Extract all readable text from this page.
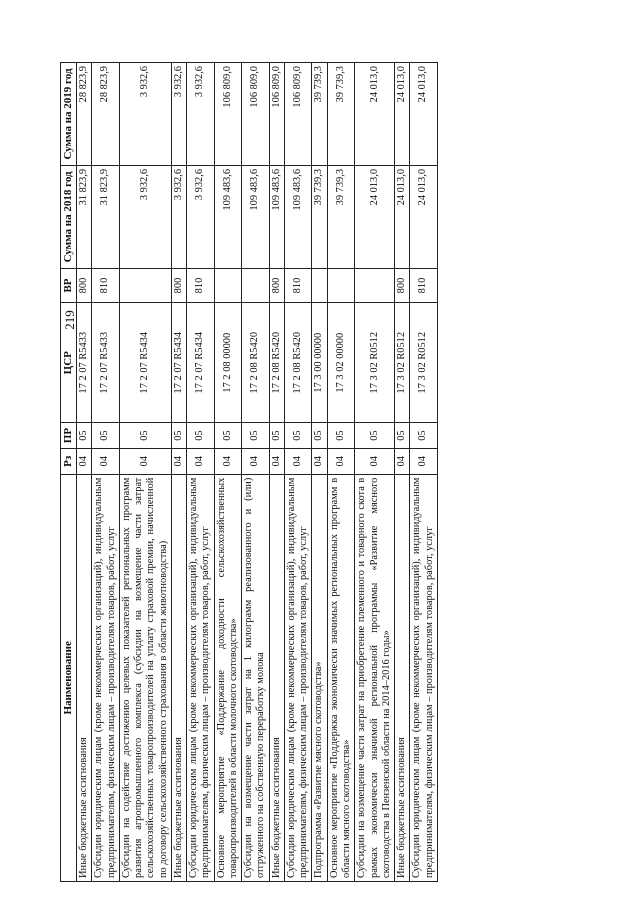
219
Наименование	Рз	ПР	ЦСР	ВР	Сумма на 2018 год	Сумма на 2019 год
Иные бюджетные ассигнования	04	05	17 2 07 R5433	800	31 823,9	28 823,9
Субсидии юридическим лицам (кроме некоммерческих организаций), индивидуальным предпринимателям, физическим лицам – производителям товаров, работ, услуг	04	05	17 2 07 R5433	810	31 823,9	28 823,9
Субсидии на содействие достижению целевых показателей региональных программ развития агропромышленного комплекса (субсидии на возмещение части затрат сельскохозяйственных товаропроизводителей на уплату страховой премии, начисленной по договору сельскохозяйственного страхования в области животноводства)	04	05	17 2 07 R5434		3 932,6	3 932,6
Иные бюджетные ассигнования	04	05	17 2 07 R5434	800	3 932,6	3 932,6
Субсидии юридическим лицам (кроме некоммерческих организаций), индивидуальным предпринимателям, физическим лицам – производителям товаров, работ, услуг	04	05	17 2 07 R5434	810	3 932,6	3 932,6
Основное мероприятие «Поддержание доходности сельскохозяйственных товаропроизводителей в области молочного скотоводства»	04	05	17 2 08 00000		109 483,6	106 809,0
Субсидии на возмещение части затрат на 1 килограмм реализованного и (или) отгруженного на собственную переработку молока	04	05	17 2 08 R5420		109 483,6	106 809,0
Иные бюджетные ассигнования	04	05	17 2 08 R5420	800	109 483,6	106 809,0
Субсидии юридическим лицам (кроме некоммерческих организаций), индивидуальным предпринимателям, физическим лицам – производителям товаров, работ, услуг	04	05	17 2 08 R5420	810	109 483,6	106 809,0
Подпрограмма «Развитие мясного скотоводства»	04	05	17 3 00 00000		39 739,3	39 739,3
Основное мероприятие «Поддержка экономически значимых региональных программ в области мясного скотоводства»	04	05	17 3 02 00000		39 739,3	39 739,3
Субсидии на возмещение части затрат на приобретение племенного и товарного скота в рамках экономически значимой региональной программы «Развитие мясного скотоводства в Пензенской области на 2014–2016 годы»	04	05	17 3 02 R0512		24 013,0	24 013,0
Иные бюджетные ассигнования	04	05	17 3 02 R0512	800	24 013,0	24 013,0
Субсидии юридическим лицам (кроме некоммерческих организаций), индивидуальным предпринимателям, физическим лицам – производителям товаров, работ, услуг	04	05	17 3 02 R0512	810	24 013,0	24 013,0
